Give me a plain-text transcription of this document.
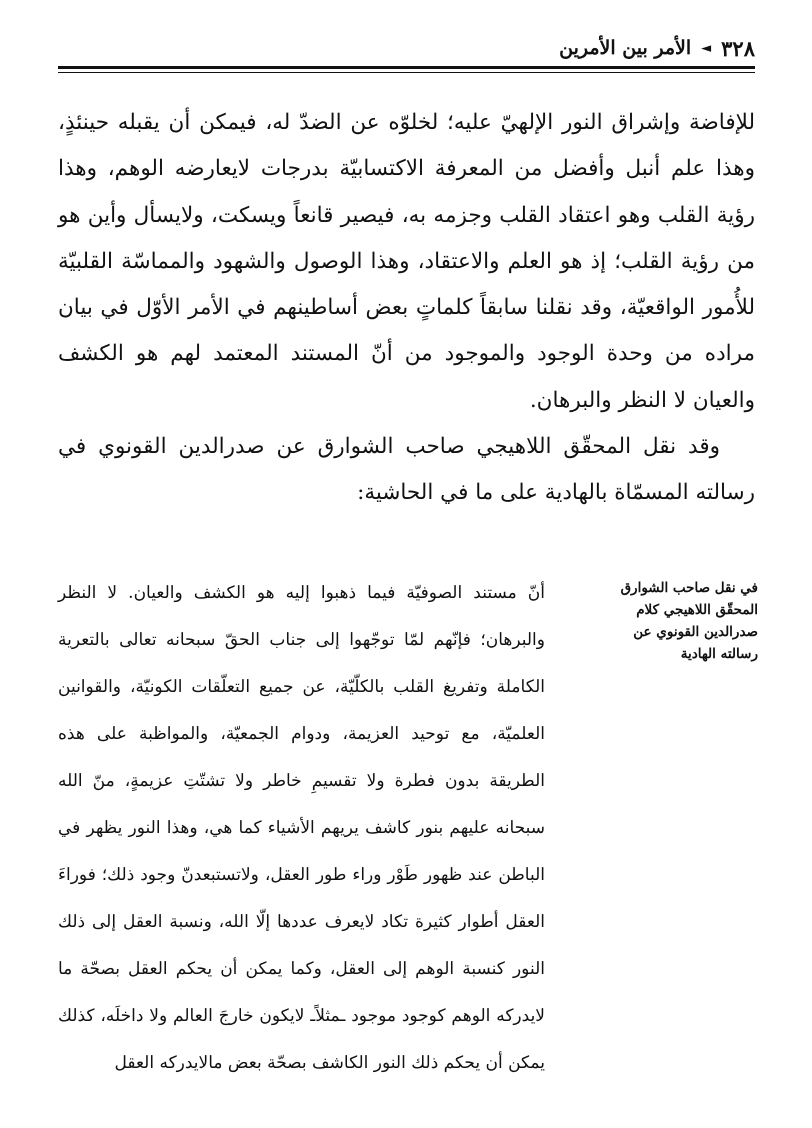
٣٢٨
◄
الأمر بين الأمرين

للإفاضة وإشراق النور الإلهيّ عليه؛ لخلوّه عن الضدّ له، فيمكن أن يقبله حينئذٍ، وهذا علم أنبل وأفضل من المعرفة الاكتسابيّة بدرجات لايعارضه الوهم، وهذا رؤية القلب وهو اعتقاد القلب وجزمه به، فيصير قانعاً ويسكت، ولايسأل وأين هو من رؤية القلب؛ إذ هو العلم والاعتقاد، وهذا الوصول والشهود والمماسّة القلبيّة للأُمور الواقعيّة، وقد نقلنا سابقاً كلماتٍ بعض أساطينهم في الأمر الأوّل في بيان مراده من وحدة الوجود والموجود من أنّ المستند المعتمد لهم هو الكشف والعيان لا النظر والبرهان.

وقد نقل المحقّق اللاهيجي صاحب الشوارق عن صدرالدين القونوي في رسالته المسمّاة بالهادية على ما في الحاشية:

أنّ مستند الصوفيّة فيما ذهبوا إليه هو الكشف والعيان. لا النظر والبرهان؛ فإنّهم لمّا توجّهوا إلى جناب الحقّ سبحانه تعالى بالتعرية الكاملة وتفريغ القلب بالكلّيّة، عن جميع التعلّقات الكونيّة، والقوانين العلميّة، مع توحيد العزيمة، ودوام الجمعيّة، والمواظبة على هذه الطريقة بدون فطرة ولا تقسيمِ خاطر ولا تشتّتِ عزيمةٍ، منّ الله سبحانه عليهم بنور كاشف يريهم الأشياء كما هي، وهذا النور يظهر في الباطن عند ظهور طَوْر وراء طور العقل، ولاتستبعدنّ وجود ذلك؛ فوراءَ العقل أطوار كثيرة تكاد لايعرف عددها إلّا الله، ونسبة العقل إلى ذلك النور كنسبة الوهم إلى العقل، وكما يمكن أن يحكم العقل بصحّة ما لايدركه الوهم كوجود موجود ـمثلاًـ لايكون خارجَ العالم ولا داخلَه، كذلك يمكن أن يحكم ذلك النور الكاشف بصحّة بعض مالايدركه العقل

في نقل صاحب الشوارق المحقّق اللاهيجي كلام صدرالدين القونوي عن رسالته الهادية
